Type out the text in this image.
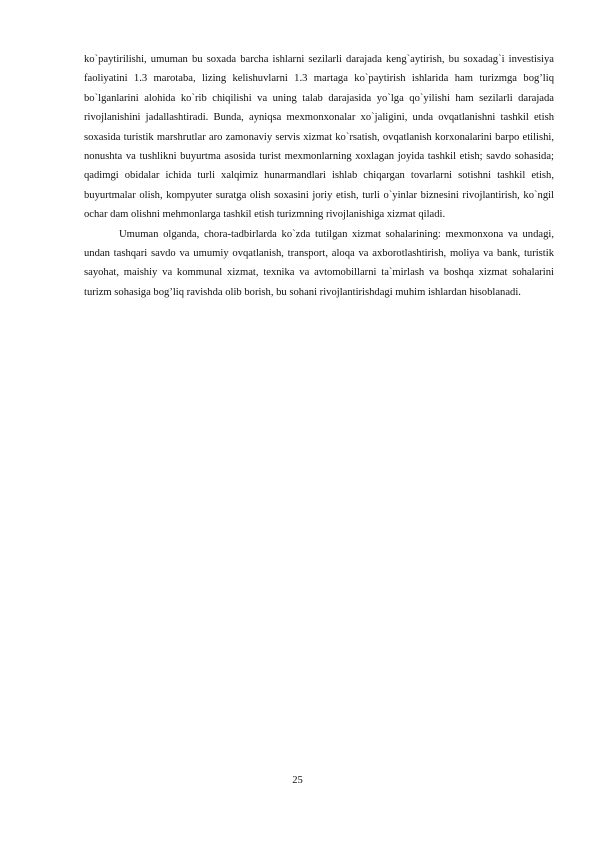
ko`paytirilishi, umuman bu soxada barcha ishlarni sezilarli darajada keng`aytirish, bu soxadag`i investisiya faoliyatini 1.3 marotaba, lizing kelishuvlarni 1.3 martaga ko`paytirish ishlarida ham turizmga bog’liq bo`lganlarini alohida ko`rib chiqilishi va uning talab darajasida yo`lga qo`yilishi ham sezilarli darajada rivojlanishini jadallashtiradi. Bunda, ayniqsa mexmonxonalar xo`jaligini, unda ovqatlanishni tashkil etish soxasida turistik marshrutlar aro zamonaviy servis xizmat ko`rsatish, ovqatlanish korxonalarini barpo etilishi, nonushta va tushlikni buyurtma asosida turist mexmonlarning xoxlagan joyida tashkil etish; savdo sohasida; qadimgi obidalar ichida turli xalqimiz hunarmandlari ishlab chiqargan tovarlarni sotishni tashkil etish, buyurtmalar olish, kompyuter suratga olish soxasini joriy etish, turli o`yinlar biznesini rivojlantirish, ko`ngil ochar dam olishni mehmonlarga tashkil etish turizmning rivojlanishiga xizmat qiladi.

Umuman olganda, chora-tadbirlarda ko`zda tutilgan xizmat sohalarining: mexmonxona va undagi, undan tashqari savdo va umumiy ovqatlanish, transport, aloqa va axborotlashtirish, moliya va bank, turistik sayohat, maishiy va kommunal xizmat, texnika va avtomobillarni ta`mirlash va boshqa xizmat sohalarini turizm sohasiga bog’liq ravishda olib borish, bu sohani rivojlantirishdagi muhim ishlardan hisoblanadi.

25
